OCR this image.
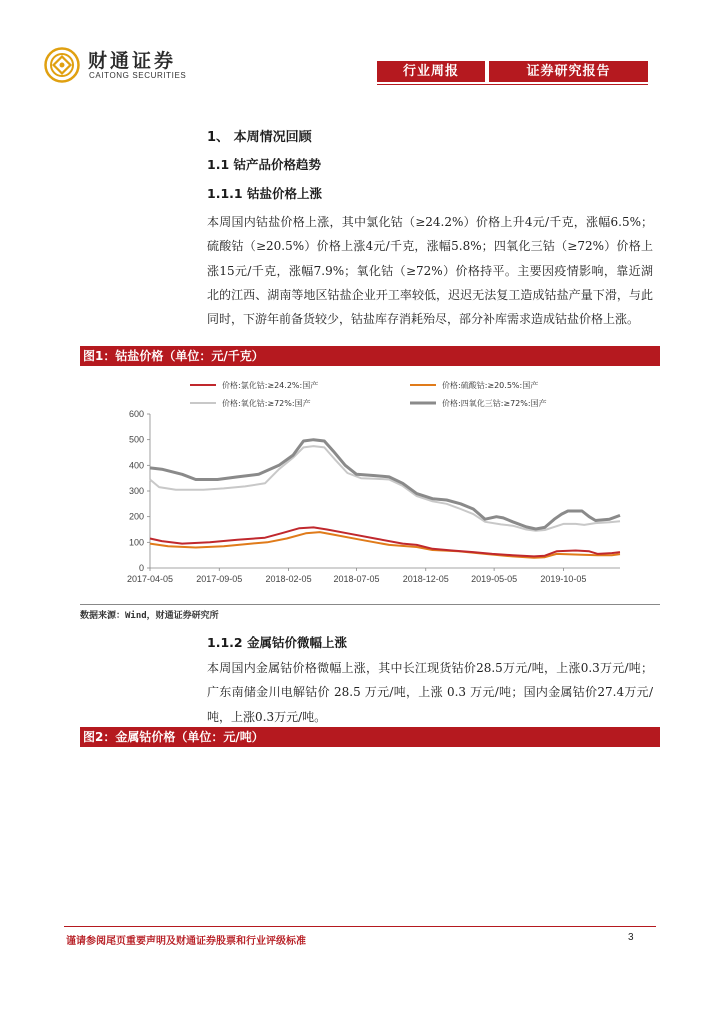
财通证券
CAITONG SECURITIES	行业周报	证券研究报告
1、 本周情况回顾
1.1 钴产品价格趋势
1.1.1 钴盐价格上涨
本周国内钴盐价格上涨，其中氯化钴（≥24.2%）价格上升4元/千克，涨幅6.5%；硫酸钴（≥20.5%）价格上涨4元/千克，涨幅5.8%；四氧化三钴（≥72%）价格上涨15元/千克，涨幅7.9%；氧化钴（≥72%）价格持平。主要因疫情影响，靠近湖北的江西、湖南等地区钴盐企业开工率较低，迟迟无法复工造成钴盐产量下滑，与此同时，下游年前备货较少，钴盐库存消耗殆尽，部分补库需求造成钴盐价格上涨。
图1：钴盐价格（单位：元/千克）
价格:氯化钴:≥24.2%:国产	价格:硫酸钴:≥20.5%:国产
价格:氧化钴:≥72%:国产	价格:四氧化三钴:≥72%:国产
0
100
200
300
400
500
600
2017-04-05	2017-09-05	2018-02-05 2018-07-05	2018-12-05 2019-05-05	2019-10-05
数据来源：Wind，财通证券研究所
1.1.2 金属钴价微幅上涨
本周国内金属钴价格微幅上涨，其中长江现货钴价28.5万元/吨，上涨0.3万元/吨；广东南储金川电解钴价 28.5 万元/吨，上涨 0.3 万元/吨；国内金属钴价27.4万元/吨，上涨0.3万元/吨。
图2：金属钴价格（单位：元/吨）
谨请参阅尾页重要声明及财通证券股票和行业评级标准	3
